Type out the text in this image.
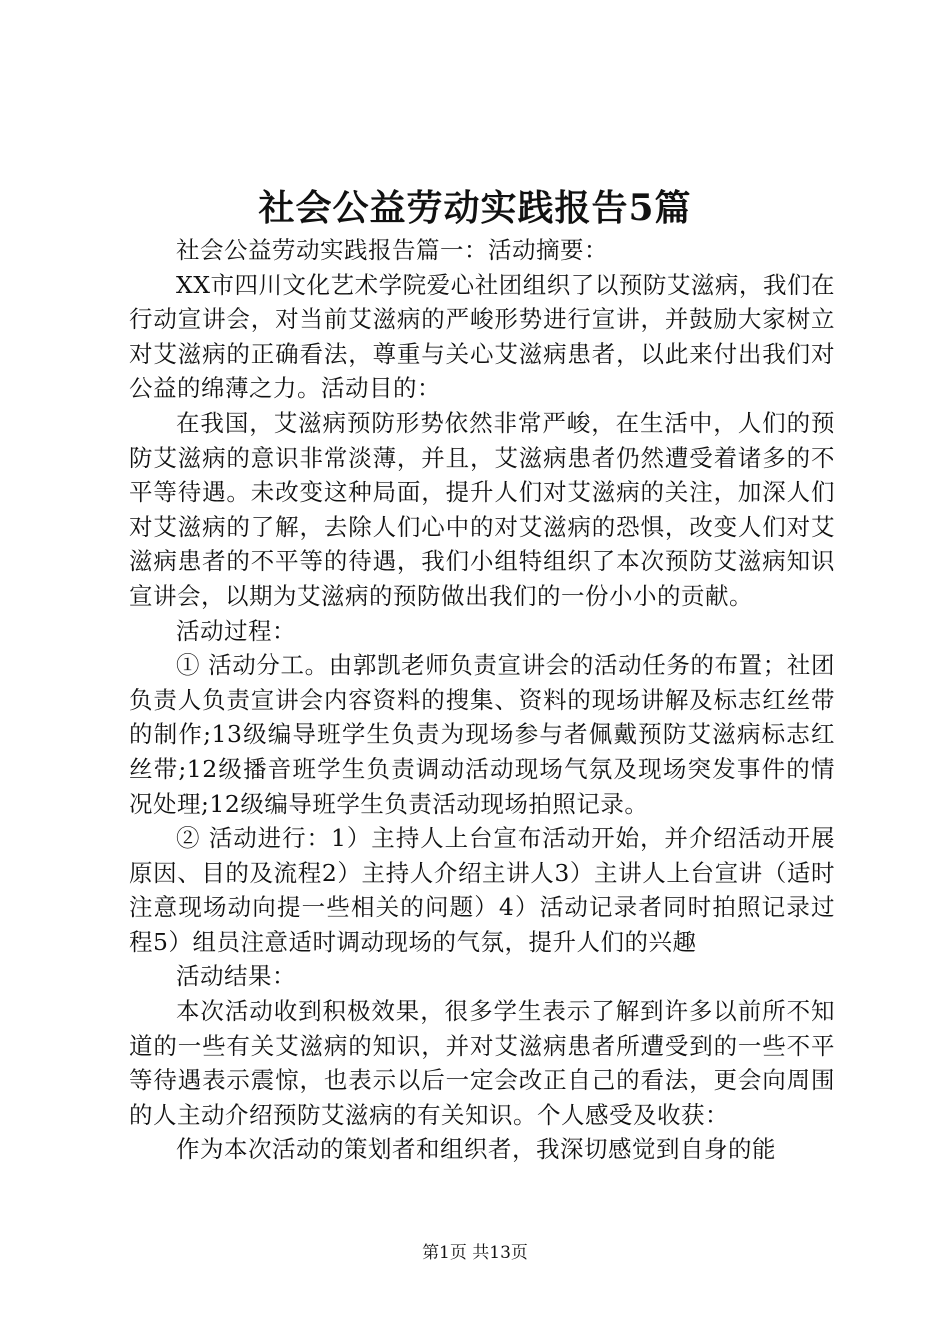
社会公益劳动实践报告5篇

社会公益劳动实践报告篇一：活动摘要：

XX市四川文化艺术学院爱心社团组织了以预防艾滋病，我们在行动宣讲会，对当前艾滋病的严峻形势进行宣讲，并鼓励大家树立对艾滋病的正确看法，尊重与关心艾滋病患者，以此来付出我们对公益的绵薄之力。活动目的：

在我国，艾滋病预防形势依然非常严峻，在生活中，人们的预防艾滋病的意识非常淡薄，并且，艾滋病患者仍然遭受着诸多的不平等待遇。未改变这种局面，提升人们对艾滋病的关注，加深人们对艾滋病的了解，去除人们心中的对艾滋病的恐惧，改变人们对艾滋病患者的不平等的待遇，我们小组特组织了本次预防艾滋病知识宣讲会，以期为艾滋病的预防做出我们的一份小小的贡献。

活动过程：

① 活动分工。由郭凯老师负责宣讲会的活动任务的布置；社团负责人负责宣讲会内容资料的搜集、资料的现场讲解及标志红丝带的制作;13级编导班学生负责为现场参与者佩戴预防艾滋病标志红丝带;12级播音班学生负责调动活动现场气氛及现场突发事件的情况处理;12级编导班学生负责活动现场拍照记录。

② 活动进行：1）主持人上台宣布活动开始，并介绍活动开展原因、目的及流程2）主持人介绍主讲人3）主讲人上台宣讲（适时注意现场动向提一些相关的问题）4）活动记录者同时拍照记录过程5）组员注意适时调动现场的气氛，提升人们的兴趣

活动结果：

本次活动收到积极效果，很多学生表示了解到许多以前所不知道的一些有关艾滋病的知识，并对艾滋病患者所遭受到的一些不平等待遇表示震惊，也表示以后一定会改正自己的看法，更会向周围的人主动介绍预防艾滋病的有关知识。个人感受及收获：

作为本次活动的策划者和组织者，我深切感觉到自身的能

第1页 共13页
